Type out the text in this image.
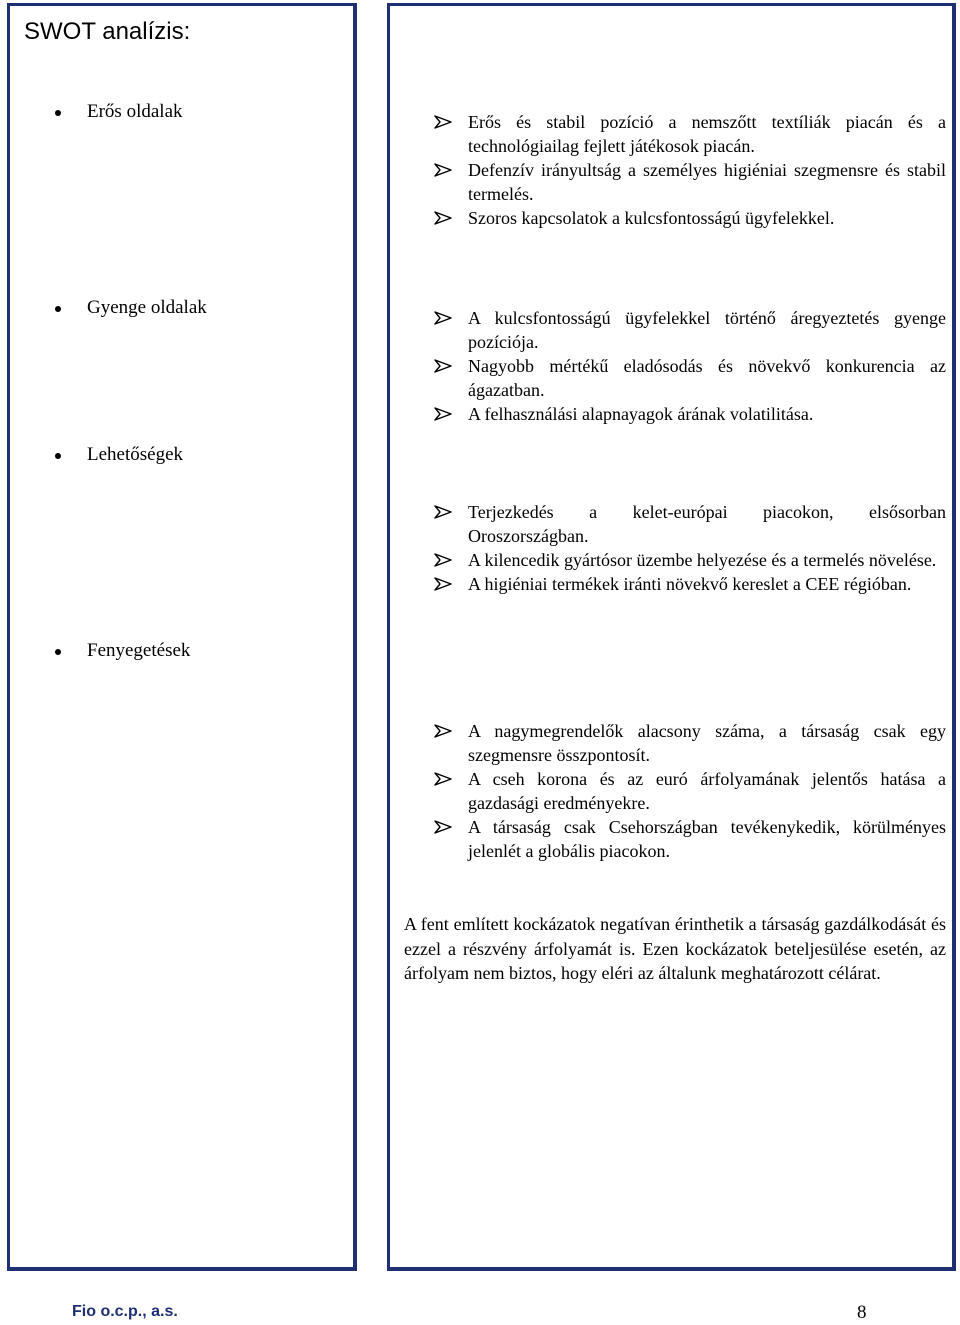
SWOT analízis:
Erős oldalak
Gyenge oldalak
Lehetőségek
Fenyegetések
Erős és stabil pozíció a nemszőtt textíliák piacán és a technológiailag fejlett játékosok piacán.
Defenzív irányultság a személyes higiéniai szegmensre és stabil termelés.
Szoros kapcsolatok a kulcsfontosságú ügyfelekkel.
A kulcsfontosságú ügyfelekkel történő áregyeztetés gyenge pozíciója.
Nagyobb mértékű eladósodás és növekvő konkurencia az ágazatban.
A felhasználási alapnayagok árának volatilitása.
Terjezkedés a kelet-európai piacokon, elsősorban Oroszországban.
A kilencedik gyártósor üzembe helyezése és a termelés növelése.
A higiéniai termékek iránti növekvő kereslet a CEE régióban.
A nagymegrendelők alacsony száma, a társaság csak egy szegmensre összpontosít.
A cseh korona és az euró árfolyamának jelentős hatása a gazdasági eredményekre.
A társaság csak Csehországban tevékenykedik, körülményes jelenlét a globális piacokon.

A fent említett kockázatok negatívan érinthetik a társaság gazdálkodását és ezzel a részvény árfolyamát is. Ezen kockázatok beteljesülése esetén, az árfolyam nem biztos, hogy eléri az általunk meghatározott célárat.

Fio o.c.p., a.s.	8
